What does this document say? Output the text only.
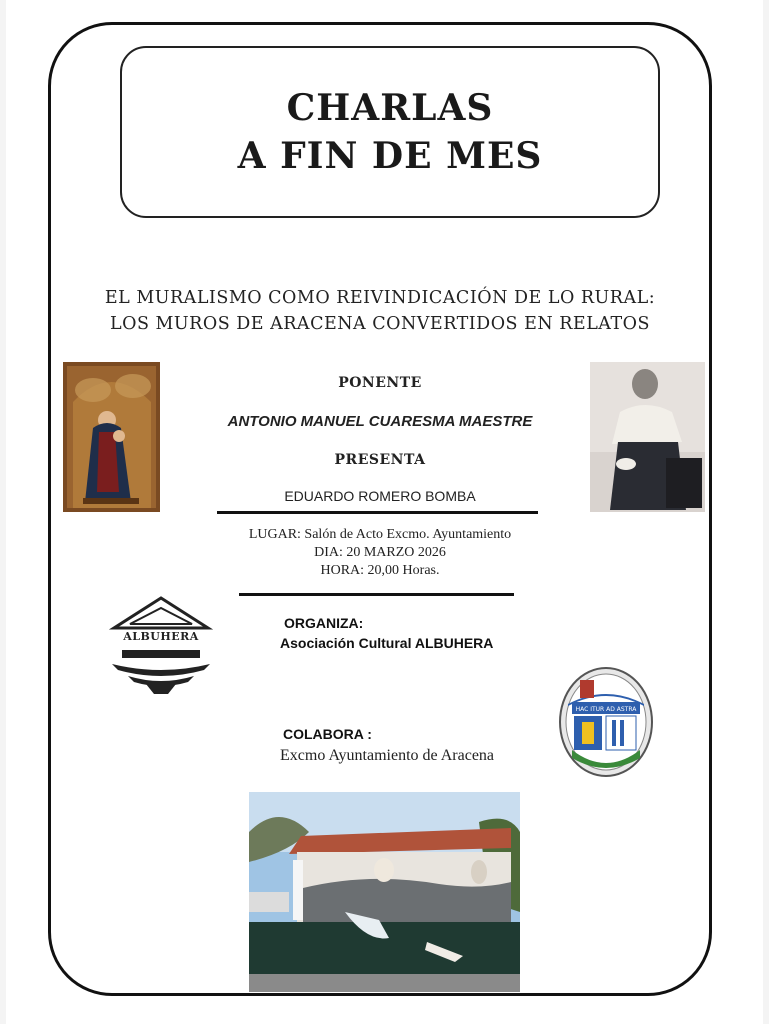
CHARLAS
A FIN DE MES
EL MURALISMO COMO REIVINDICACIÓN DE LO RURAL:
LOS MUROS DE ARACENA CONVERTIDOS EN RELATOS
PONENTE
ANTONIO MANUEL CUARESMA MAESTRE
PRESENTA
EDUARDO ROMERO BOMBA
LUGAR: Salón de Acto Excmo. Ayuntamiento
DIA: 20 MARZO 2026
HORA: 20,00 Horas.
ALBUHERA
ORGANIZA:
Asociación Cultural ALBUHERA
HAC ITUR AD ASTRA
COLABORA :
Excmo Ayuntamiento de Aracena
